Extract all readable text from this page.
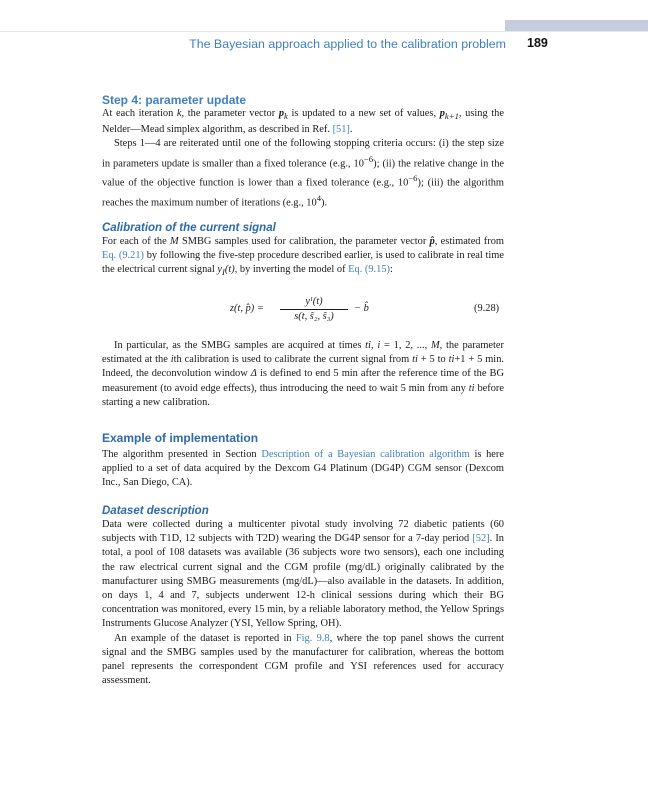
The Bayesian approach applied to the calibration problem 189
Step 4: parameter update

At each iteration k, the parameter vector $p_k$ is updated to a new set of values, $p_{k+1}$, using the Nelder—Mead simplex algorithm, as described in Ref. [51].

Steps 1—4 are reiterated until one of the following stopping criteria occurs: (i) the step size in parameters update is smaller than a fixed tolerance (e.g., $10^{-6}$); (ii) the relative change in the value of the objective function is lower than a fixed tolerance (e.g., $10^{-6}$); (iii) the algorithm reaches the maximum number of iterations (e.g., $10^4$).

Calibration of the current signal

For each of the M SMBG samples used for calibration, the parameter vector p̂, estimated from Eq. (9.21) by following the five-step procedure described earlier, is used to calibrate in real time the electrical current signal $y_I(t)$, by inverting the model of Eq. (9.15):

z(t, p̂) =
yᴵ(t)
s(t, ŝ₂, ŝ₃)
− b̂	(9.28)

In particular, as the SMBG samples are acquired at times ti, i = 1, 2, ..., M, the parameter estimated at the ith calibration is used to calibrate the current signal from ti + 5 to ti+1 + 5 min. Indeed, the deconvolution window Δ is defined to end 5 min after the reference time of the BG measurement (to avoid edge effects), thus introducing the need to wait 5 min from any ti before starting a new calibration.

Example of implementation

The algorithm presented in Section Description of a Bayesian calibration algorithm is here applied to a set of data acquired by the Dexcom G4 Platinum (DG4P) CGM sensor (Dexcom Inc., San Diego, CA).

Dataset description

Data were collected during a multicenter pivotal study involving 72 diabetic patients (60 subjects with T1D, 12 subjects with T2D) wearing the DG4P sensor for a 7-day period [52]. In total, a pool of 108 datasets was available (36 subjects wore two sensors), each one including the raw electrical current signal and the CGM profile (mg/dL) originally calibrated by the manufacturer using SMBG measurements (mg/dL)—also available in the datasets. In addition, on days 1, 4 and 7, subjects underwent 12-h clinical sessions during which their BG concentration was monitored, every 15 min, by a reliable laboratory method, the Yellow Springs Instruments Glucose Analyzer (YSI, Yellow Spring, OH).

An example of the dataset is reported in Fig. 9.8, where the top panel shows the current signal and the SMBG samples used by the manufacturer for calibration, whereas the bottom panel represents the correspondent CGM profile and YSI references used for accuracy assessment.
